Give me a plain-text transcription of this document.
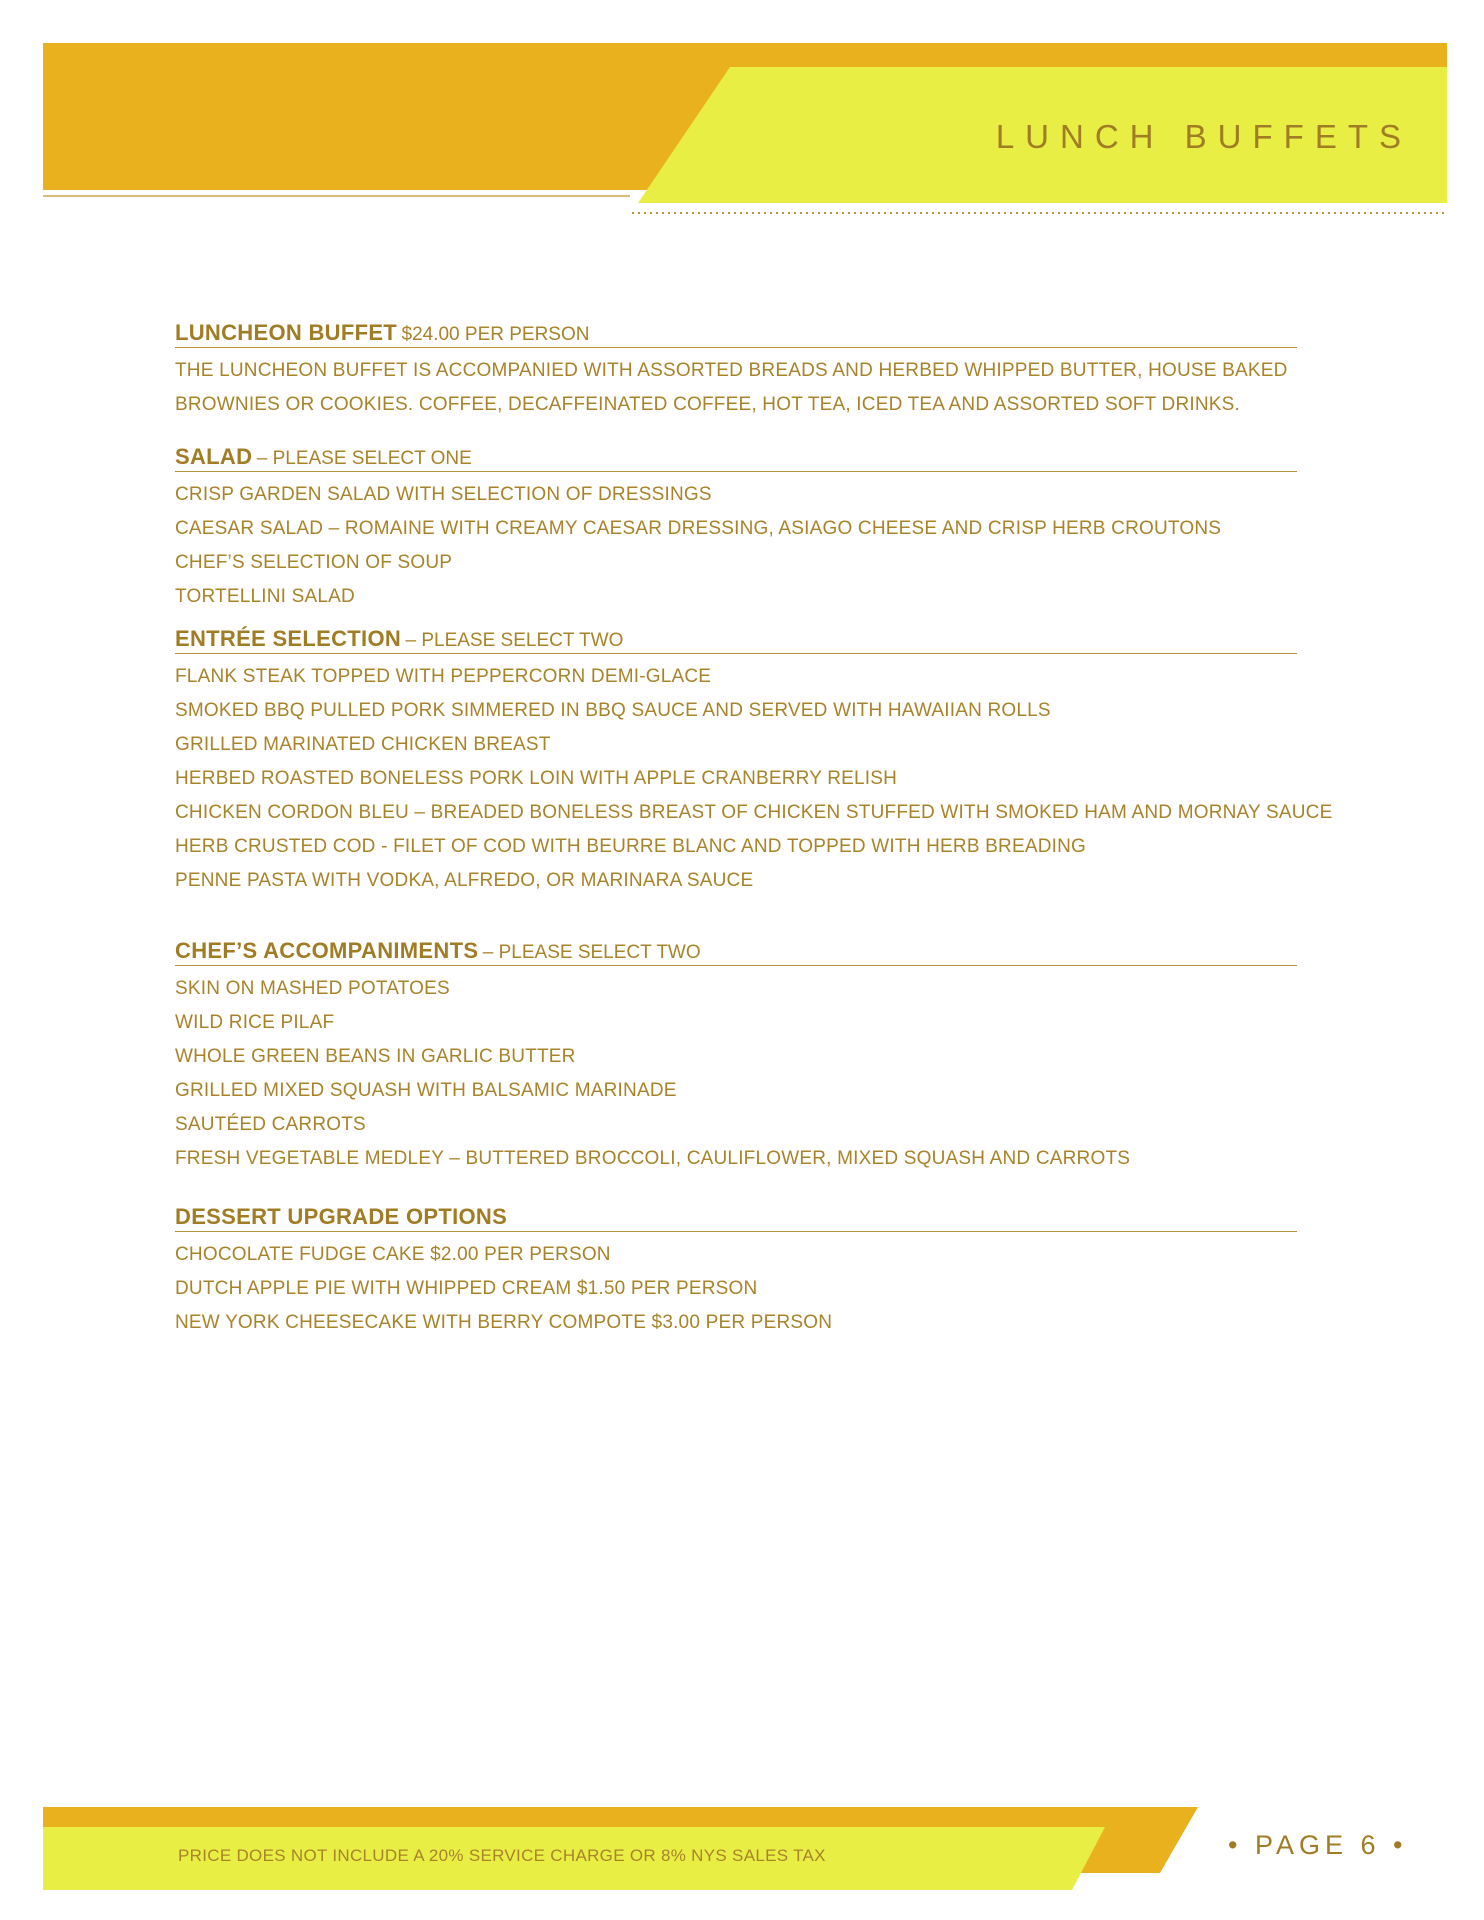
LUNCH BUFFETS
LUNCHEON BUFFET $24.00 PER PERSON
THE LUNCHEON BUFFET IS ACCOMPANIED WITH ASSORTED BREADS AND HERBED WHIPPED BUTTER, HOUSE BAKED
BROWNIES OR COOKIES. COFFEE, DECAFFEINATED COFFEE, HOT TEA, ICED TEA AND ASSORTED SOFT DRINKS.
SALAD – PLEASE SELECT ONE
CRISP GARDEN SALAD WITH SELECTION OF DRESSINGS
CAESAR SALAD – ROMAINE WITH CREAMY CAESAR DRESSING, ASIAGO CHEESE AND CRISP HERB CROUTONS
CHEF’S SELECTION OF SOUP
TORTELLINI SALAD
ENTRÉE SELECTION – PLEASE SELECT TWO
FLANK STEAK TOPPED WITH PEPPERCORN DEMI-GLACE
SMOKED BBQ PULLED PORK SIMMERED IN BBQ SAUCE AND SERVED WITH HAWAIIAN ROLLS
GRILLED MARINATED CHICKEN BREAST
HERBED ROASTED BONELESS PORK LOIN WITH APPLE CRANBERRY RELISH
CHICKEN CORDON BLEU – BREADED BONELESS BREAST OF CHICKEN STUFFED WITH SMOKED HAM AND MORNAY SAUCE
HERB CRUSTED COD - FILET OF COD WITH BEURRE BLANC AND TOPPED WITH HERB BREADING
PENNE PASTA WITH VODKA, ALFREDO, OR MARINARA SAUCE
CHEF’S ACCOMPANIMENTS – PLEASE SELECT TWO
SKIN ON MASHED POTATOES
WILD RICE PILAF
WHOLE GREEN BEANS IN GARLIC BUTTER
GRILLED MIXED SQUASH WITH BALSAMIC MARINADE
SAUTÉED CARROTS
FRESH VEGETABLE MEDLEY – BUTTERED BROCCOLI, CAULIFLOWER, MIXED SQUASH AND CARROTS
DESSERT UPGRADE OPTIONS
CHOCOLATE FUDGE CAKE $2.00 PER PERSON
DUTCH APPLE PIE WITH WHIPPED CREAM $1.50 PER PERSON
NEW YORK CHEESECAKE WITH BERRY COMPOTE $3.00 PER PERSON
PRICE DOES NOT INCLUDE A 20% SERVICE CHARGE OR 8% NYS SALES TAX	• PAGE 6 •
